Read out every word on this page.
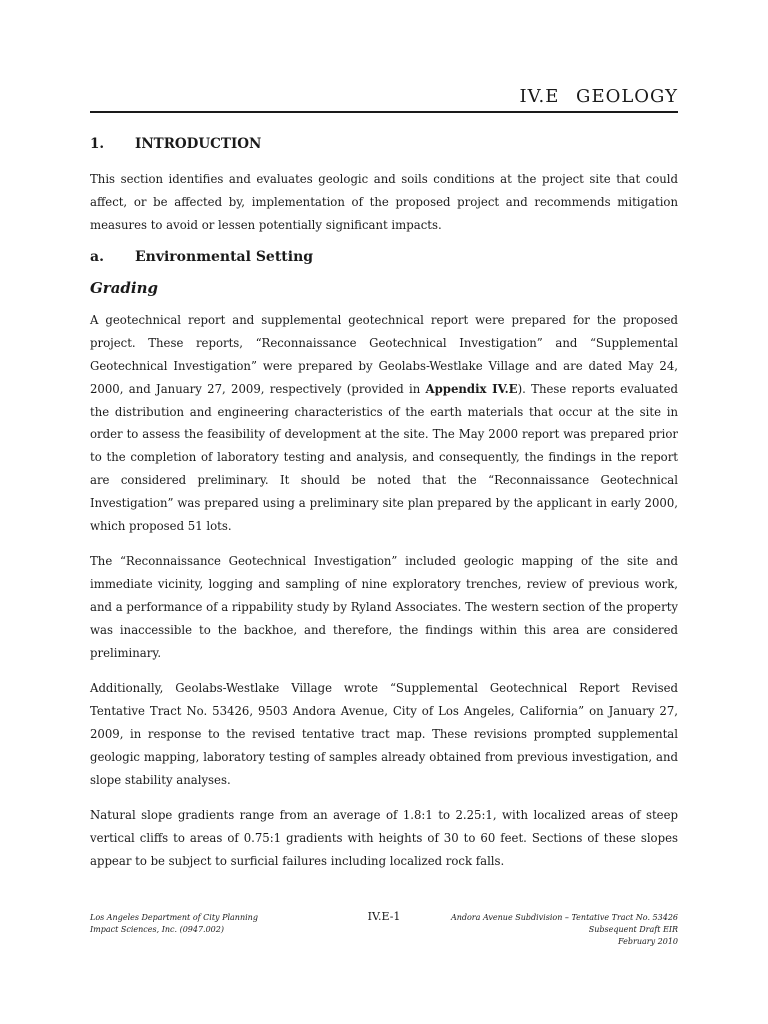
IV.E GEOLOGY
1.	INTRODUCTION

This section identifies and evaluates geologic and soils conditions at the project site that could affect, or be affected by, implementation of the proposed project and recommends mitigation measures to avoid or lessen potentially significant impacts.

a.	Environmental Setting
Grading

A geotechnical report and supplemental geotechnical report were prepared for the proposed project. These reports, “Reconnaissance Geotechnical Investigation” and “Supplemental Geotechnical Investigation” were prepared by Geolabs-Westlake Village and are dated May 24, 2000, and January 27, 2009, respectively (provided in Appendix IV.E). These reports evaluated the distribution and engineering characteristics of the earth materials that occur at the site in order to assess the feasibility of development at the site. The May 2000 report was prepared prior to the completion of laboratory testing and analysis, and consequently, the findings in the report are considered preliminary. It should be noted that the “Reconnaissance Geotechnical Investigation” was prepared using a preliminary site plan prepared by the applicant in early 2000, which proposed 51 lots.

The “Reconnaissance Geotechnical Investigation” included geologic mapping of the site and immediate vicinity, logging and sampling of nine exploratory trenches, review of previous work, and a performance of a rippability study by Ryland Associates. The western section of the property was inaccessible to the backhoe, and therefore, the findings within this area are considered preliminary.

Additionally, Geolabs-Westlake Village wrote “Supplemental Geotechnical Report Revised Tentative Tract No. 53426, 9503 Andora Avenue, City of Los Angeles, California” on January 27, 2009, in response to the revised tentative tract map. These revisions prompted supplemental geologic mapping, laboratory testing of samples already obtained from previous investigation, and slope stability analyses.

Natural slope gradients range from an average of 1.8:1 to 2.25:1, with localized areas of steep vertical cliffs to areas of 0.75:1 gradients with heights of 30 to 60 feet. Sections of these slopes appear to be subject to surficial failures including localized rock falls.

Los Angeles Department of City Planning
Impact Sciences, Inc. (0947.002)
IV.E-1	Andora Avenue Subdivision – Tentative Tract No. 53426
Subsequent Draft EIR
February 2010
